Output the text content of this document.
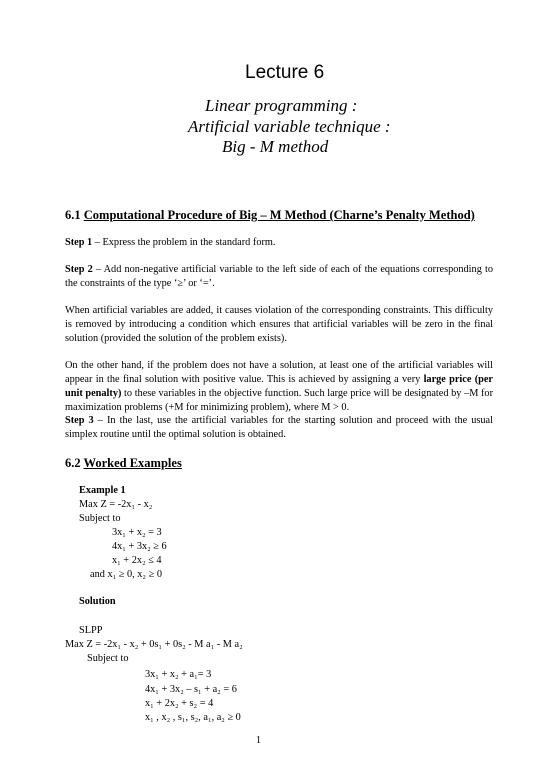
Lecture 6

Linear programming :

Artificial variable technique :

Big - M method

6.1 Computational Procedure of Big – M Method (Charne’s Penalty Method)

Step 1 – Express the problem in the standard form.

Step 2 – Add non-negative artificial variable to the left side of each of the equations corresponding to the constraints of the type ‘≥’ or ‘=’.

When artificial variables are added, it causes violation of the corresponding constraints. This difficulty is removed by introducing a condition which ensures that artificial variables will be zero in the final solution (provided the solution of the problem exists).

On the other hand, if the problem does not have a solution, at least one of the artificial variables will appear in the final solution with positive value. This is achieved by assigning a very large price (per unit penalty) to these variables in the objective function. Such large price will be designated by –M for maximization problems (+M for minimizing problem), where M > 0.

Step 3 – In the last, use the artificial variables for the starting solution and proceed with the usual simplex routine until the optimal solution is obtained.

6.2 Worked Examples

Example 1

Max Z = -2x₁ - x₂

Subject to

3x₁ + x₂ = 3

4x₁ + 3x₂ ≥ 6

x₁ + 2x₂ ≤ 4

and x₁ ≥ 0, x₂ ≥ 0

Solution

SLPP

Max Z = -2x₁ - x₂ + 0s₁ + 0s₂ - M a₁ - M a₂

Subject to

3x₁ + x₂ + a₁= 3

4x₁ + 3x₂ – s₁ + a₂ = 6

x₁ + 2x₂ + s₂ = 4

x₁ , x₂ , s₁, s₂, a₁, a₂ ≥ 0

1
